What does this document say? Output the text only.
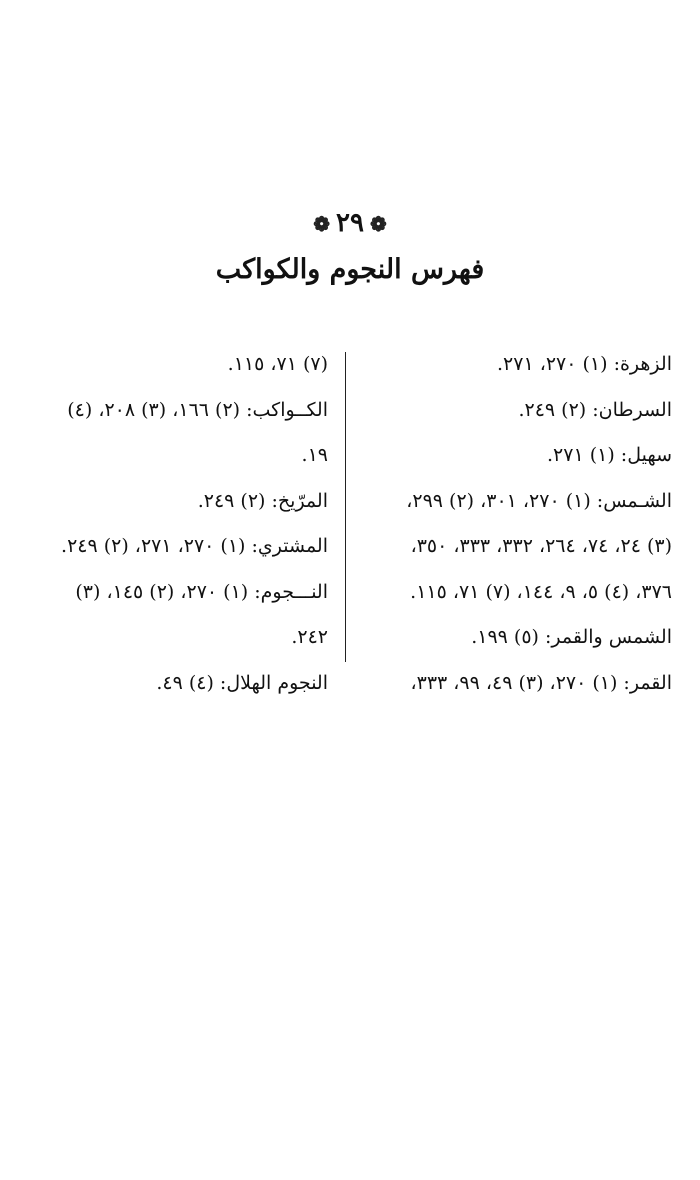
❁٢٩❁
فهرس النجوم والكواكب
الزهرة: (١) ٢٧٠، ٢٧١.
السرطان: (٢) ٢٤٩.
سهيل: (١) ٢٧١.
الشـمس: (١) ٢٧٠، ٣٠١، (٢) ٢٩٩،
(٣) ٢٤، ٧٤، ٢٦٤، ٣٣٢، ٣٣٣، ٣٥٠،
٣٧٦، (٤) ٥، ٩، ١٤٤، (٧) ٧١، ١١٥.
الشمس والقمر: (٥) ١٩٩.
القمر: (١) ٢٧٠، (٣) ٤٩، ٩٩، ٣٣٣،
(٧) ٧١، ١١٥.
الكــواكب: (٢) ١٦٦، (٣) ٢٠٨، (٤)
١٩.
المرّيخ: (٢) ٢٤٩.
المشتري: (١) ٢٧٠، ٢٧١، (٢) ٢٤٩.
النـــجوم: (١) ٢٧٠، (٢) ١٤٥، (٣)
٢٤٢.
النجوم الهلال: (٤) ٤٩.
